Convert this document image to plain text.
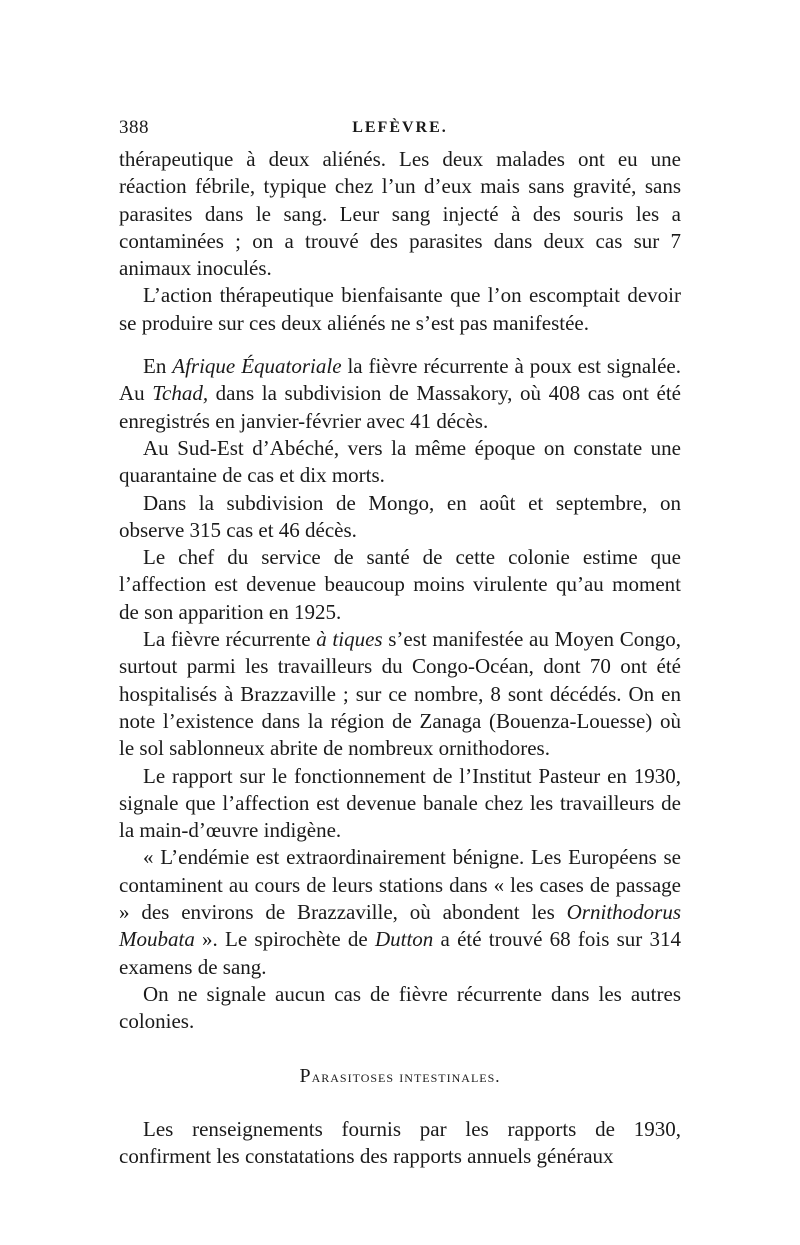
388	LEFÈVRE.

thérapeutique à deux aliénés. Les deux malades ont eu une réaction fébrile, typique chez l’un d’eux mais sans gravité, sans parasites dans le sang. Leur sang injecté à des souris les a contaminées ; on a trouvé des parasites dans deux cas sur 7 animaux inoculés.

L’action thérapeutique bienfaisante que l’on escomptait devoir se produire sur ces deux aliénés ne s’est pas manifestée.

En Afrique Équatoriale la fièvre récurrente à poux est signalée. Au Tchad, dans la subdivision de Massakory, où 408 cas ont été enregistrés en janvier-février avec 41 décès.

Au Sud-Est d’Abéché, vers la même époque on constate une quarantaine de cas et dix morts.

Dans la subdivision de Mongo, en août et septembre, on observe 315 cas et 46 décès.

Le chef du service de santé de cette colonie estime que l’affection est devenue beaucoup moins virulente qu’au moment de son apparition en 1925.

La fièvre récurrente à tiques s’est manifestée au Moyen Congo, surtout parmi les travailleurs du Congo-Océan, dont 70 ont été hospitalisés à Brazzaville ; sur ce nombre, 8 sont décédés. On en note l’existence dans la région de Zanaga (Bouenza-Louesse) où le sol sablonneux abrite de nombreux ornithodores.

Le rapport sur le fonctionnement de l’Institut Pasteur en 1930, signale que l’affection est devenue banale chez les travailleurs de la main-d’œuvre indigène.

« L’endémie est extraordinairement bénigne. Les Européens se contaminent au cours de leurs stations dans « les cases de passage » des environs de Brazzaville, où abondent les Ornithodorus Moubata ». Le spirochète de Dutton a été trouvé 68 fois sur 314 examens de sang.

On ne signale aucun cas de fièvre récurrente dans les autres colonies.

Parasitoses intestinales.

Les renseignements fournis par les rapports de 1930, confirment les constatations des rapports annuels généraux
